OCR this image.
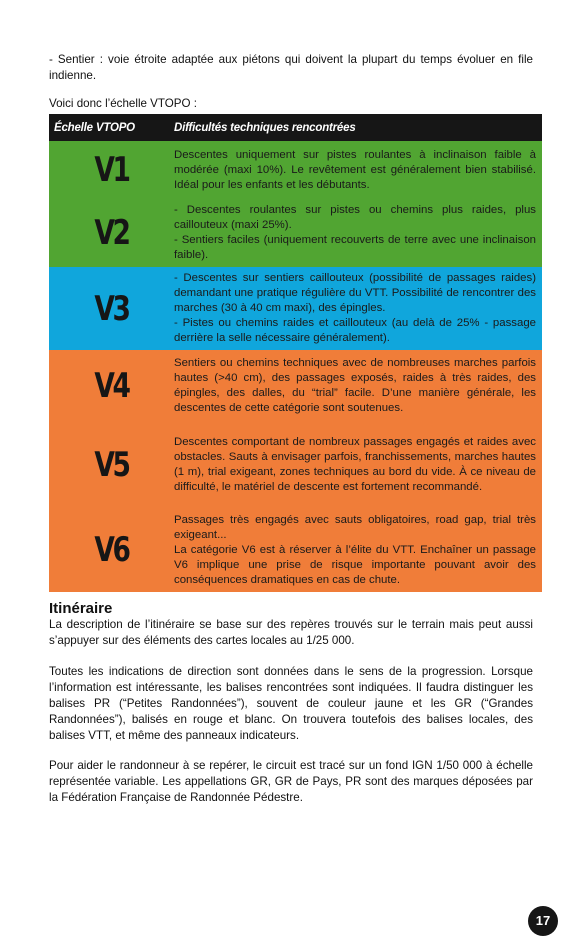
- Sentier : voie étroite adaptée aux piétons qui doivent la plupart du temps évoluer en file indienne.

Voici donc l’échelle VTOPO :

Échelle VTOPO	Difficultés techniques rencontrées
V1	Descentes uniquement sur pistes roulantes à inclinaison faible à modérée (maxi 10%). Le revêtement est généralement bien stabilisé. Idéal pour les enfants et les débutants.
V2	- Descentes roulantes sur pistes ou chemins plus raides, plus caillouteux (maxi 25%).
- Sentiers faciles (uniquement recouverts de terre avec une inclinaison faible).
V3	- Descentes sur sentiers caillouteux (possibilité de passages raides) demandant une pratique régulière du VTT. Possibilité de rencontrer des marches (30 à 40 cm maxi), des épingles.
- Pistes ou chemins raides et caillouteux (au delà de 25% - passage derrière la selle nécessaire généralement).
V4	Sentiers ou chemins techniques avec de nombreuses marches parfois hautes (>40 cm), des passages exposés, raides à très raides, des épingles, des dalles, du “trial” facile. D’une manière générale, les descentes de cette catégorie sont soutenues.
V5	Descentes comportant de nombreux passages engagés et raides avec obstacles. Sauts à envisager parfois, franchissements, marches hautes (1 m), trial exigeant, zones techniques au bord du vide. À ce niveau de difficulté, le matériel de descente est fortement recommandé.
V6	Passages très engagés avec sauts obligatoires, road gap, trial très exigeant...
La catégorie V6 est à réserver à l’élite du VTT. Enchaîner un passage V6 implique une prise de risque importante pouvant avoir des conséquences dramatiques en cas de chute.
Itinéraire

La description de l’itinéraire se base sur des repères trouvés sur le terrain mais peut aussi s’appuyer sur des éléments des cartes locales au 1/25 000.

Toutes les indications de direction sont données dans le sens de la progression. Lorsque l’information est intéressante, les balises rencontrées sont indiquées. Il faudra distinguer les balises PR (“Petites Randonnées”), souvent de couleur jaune et les GR (“Grandes Randonnées”), balisés en rouge et blanc. On trouvera toutefois des balises locales, des balises VTT, et même des panneaux indicateurs.

Pour aider le randonneur à se repérer, le circuit est tracé sur un fond IGN 1/50 000 à échelle représentée variable. Les appellations GR, GR de Pays, PR sont des marques déposées par la Fédération Française de Randonnée Pédestre.

17
